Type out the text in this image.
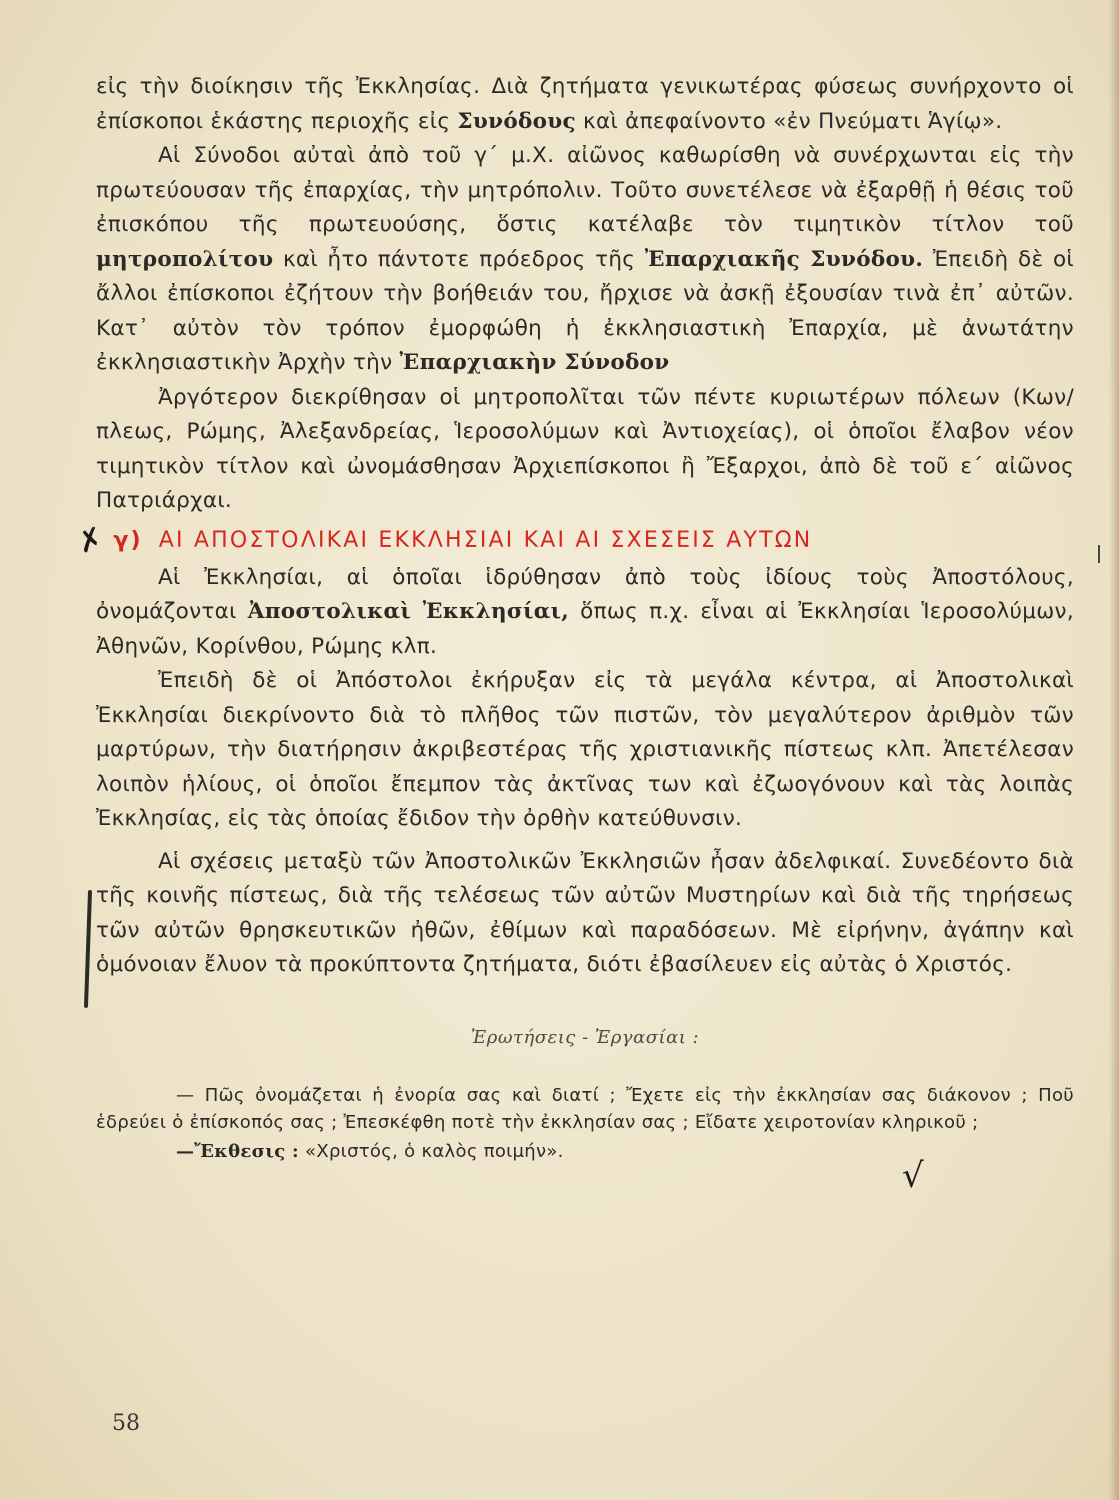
εἰς τὴν διοίκησιν τῆς Ἐκκλησίας. Διὰ ζητήματα γενικωτέρας φύσεως συνήρχοντο οἱ ἐπίσκοποι ἑκάστης περιοχῆς εἰς Συνόδους καὶ ἀπεφαίνοντο «ἐν Πνεύματι Ἁγίῳ».

Αἱ Σύνοδοι αὐταὶ ἀπὸ τοῦ γ´ μ.Χ. αἰῶνος καθωρίσθη νὰ συνέρχωνται εἰς τὴν πρωτεύουσαν τῆς ἐπαρχίας, τὴν μητρόπολιν. Τοῦτο συνετέλεσε νὰ ἐξαρθῇ ἡ θέσις τοῦ ἐπισκόπου τῆς πρωτευούσης, ὅστις κατέλαβε τὸν τιμητικὸν τίτλον τοῦ μητροπολίτου καὶ ἦτο πάντοτε πρόεδρος τῆς Ἐπαρχιακῆς Συνόδου. Ἐπειδὴ δὲ οἱ ἄλλοι ἐπίσκοποι ἐζήτουν τὴν βοήθειάν του, ἤρχισε νὰ ἀσκῇ ἐξουσίαν τινὰ ἐπ᾽ αὐτῶν. Κατ᾽ αὐτὸν τὸν τρόπον ἐμορφώθη ἡ ἐκκλησιαστικὴ Ἐπαρχία, μὲ ἀνωτάτην ἐκκλησιαστικὴν Ἀρχὴν τὴν Ἐπαρχιακὴν Σύνοδον

Ἀργότερον διεκρίθησαν οἱ μητροπολῖται τῶν πέντε κυριωτέρων πόλεων (Κων/πλεως, Ρώμης, Ἀλεξανδρείας, Ἱεροσολύμων καὶ Ἀντιοχείας), οἱ ὁποῖοι ἔλαβον νέον τιμητικὸν τίτλον καὶ ὠνομάσθησαν Ἀρχιεπίσκοποι ἢ Ἔξαρχοι, ἀπὸ δὲ τοῦ ε´ αἰῶνος Πατριάρχαι.

✗ γ) ΑΙ ΑΠΟΣΤΟΛΙΚΑΙ ΕΚΚΛΗΣΙΑΙ ΚΑΙ ΑΙ ΣΧΕΣΕΙΣ ΑΥΤΩΝ

Αἱ Ἐκκλησίαι, αἱ ὁποῖαι ἱδρύθησαν ἀπὸ τοὺς ἰδίους τοὺς Ἀποστόλους, ὀνομάζονται Ἀποστολικαὶ Ἐκκλησίαι, ὅπως π.χ. εἶναι αἱ Ἐκκλησίαι Ἱεροσολύμων, Ἀθηνῶν, Κορίνθου, Ρώμης κλπ.

Ἐπειδὴ δὲ οἱ Ἀπόστολοι ἐκήρυξαν εἰς τὰ μεγάλα κέντρα, αἱ Ἀποστολικαὶ Ἐκκλησίαι διεκρίνοντο διὰ τὸ πλῆθος τῶν πιστῶν, τὸν μεγαλύτερον ἀριθμὸν τῶν μαρτύρων, τὴν διατήρησιν ἀκριβεστέρας τῆς χριστιανικῆς πίστεως κλπ. Ἀπετέλεσαν λοιπὸν ἡλίους, οἱ ὁποῖοι ἔπεμπον τὰς ἀκτῖνας των καὶ ἐζωογόνουν καὶ τὰς λοιπὰς Ἐκκλησίας, εἰς τὰς ὁποίας ἔδιδον τὴν ὀρθὴν κατεύθυνσιν.

Αἱ σχέσεις μεταξὺ τῶν Ἀποστολικῶν Ἐκκλησιῶν ἦσαν ἀδελφικαί. Συνεδέοντο διὰ τῆς κοινῆς πίστεως, διὰ τῆς τελέσεως τῶν αὐτῶν Μυστηρίων καὶ διὰ τῆς τηρήσεως τῶν αὐτῶν θρησκευτικῶν ἠθῶν, ἐθίμων καὶ παραδόσεων. Μὲ εἰρήνην, ἀγάπην καὶ ὁμόνοιαν ἔλυον τὰ προκύπτοντα ζητήματα, διότι ἐβασίλευεν εἰς αὐτὰς ὁ Χριστός.

Ἐρωτήσεις - Ἐργασίαι :

— Πῶς ὀνομάζεται ἡ ἐνορία σας καὶ διατί ; Ἔχετε εἰς τὴν ἐκκλησίαν σας διάκονον ; Ποῦ ἑδρεύει ὁ ἐπίσκοπός σας ; Ἐπεσκέφθη ποτὲ τὴν ἐκκλησίαν σας ; Εἴδατε χειροτονίαν κληρικοῦ ;

—Ἔκθεσις : «Χριστός, ὁ καλὸς ποιμήν».

√
58
